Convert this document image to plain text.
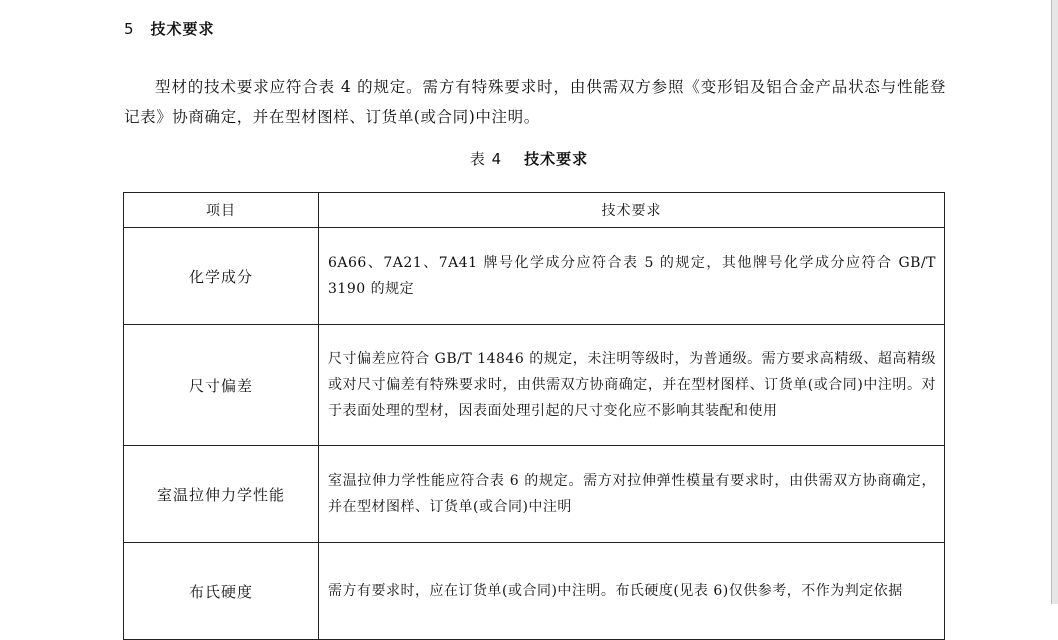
5 技术要求
型材的技术要求应符合表 4 的规定。需方有特殊要求时，由供需双方参照《变形铝及铝合金产品状态与性能登记表》协商确定，并在型材图样、订货单(或合同)中注明。
表 4 技术要求
项目	技术要求
化学成分	6A66、7A21、7A41 牌号化学成分应符合表 5 的规定，其他牌号化学成分应符合 GB/T 3190 的规定
尺寸偏差	尺寸偏差应符合 GB/T 14846 的规定，未注明等级时，为普通级。需方要求高精级、超高精级或对尺寸偏差有特殊要求时，由供需双方协商确定，并在型材图样、订货单(或合同)中注明。对于表面处理的型材，因表面处理引起的尺寸变化应不影响其装配和使用
室温拉伸力学性能	室温拉伸力学性能应符合表 6 的规定。需方对拉伸弹性模量有要求时，由供需双方协商确定，并在型材图样、订货单(或合同)中注明
布氏硬度	需方有要求时，应在订货单(或合同)中注明。布氏硬度(见表 6)仅供参考，不作为判定依据
